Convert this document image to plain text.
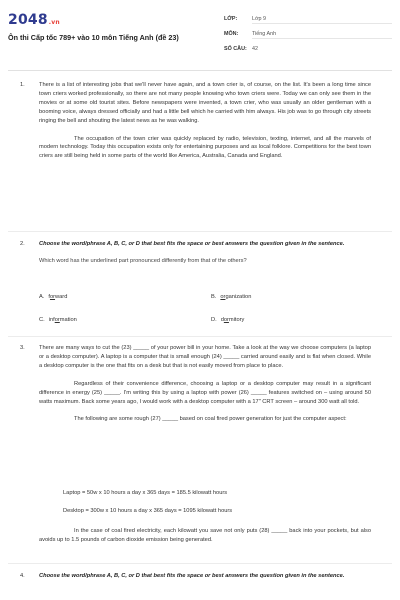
2048.vn
Ôn thi Cấp tốc 789+ vào 10 môn Tiếng Anh (đề 23)
LỚP:	Lớp 9
MÔN:	Tiếng Anh
SỐ CÂU: 42
1.	There is a list of interesting jobs that we'll never have again, and a town crier is, of course, on the list. It's been a long time since town criers worked professionally, so there are not many people knowing who town criers were. Today we can only see them in the movies or at some old tourist sites. Before newspapers were invented, a town crier, who was usually an older gentleman with a booming voice, always dressed officially and had a little bell which he carried with him always. His job was to go through city streets ringing the bell and shouting the latest news as he was walking.

The occupation of the town crier was quickly replaced by radio, television, texting, internet, and all the marvels of modern technology. Today this occupation exists only for entertaining purposes and as local folklore. Competitions for the best town criers are still being held in some parts of the world like America, Australia, Canada and England.

2.	Choose the word/phrase A, B, C, or D that best fits the space or best answers the question given in the sentence.

Which word has the underlined part pronounced differently from that of the others?

A. forward	B. organization
C. information	D. dormitory
3.	There are many ways to cut the (23) _____ of your power bill in your home. Take a look at the way we choose computers (a laptop or a desktop computer). A laptop is a computer that is small enough (24) _____ carried around easily and is flat when closed. While a desktop computer is the one that fits on a desk but that is not easily moved from place to place.

Regardless of their convenience difference, choosing a laptop or a desktop computer may result in a significant difference in energy (25) _____. I'm writing this by using a laptop with power (26) _____ features switched on – using around 50 watts maximum. Back some years ago, I would work with a desktop computer with a 17" CRT screen – around 300 watt all told.

The following are some rough (27) _____ based on coal fired power generation for just the computer aspect:

Laptop = 50w x 10 hours a day x 365 days = 185.5 kilowatt hours
Desktop = 300w x 10 hours a day x 365 days = 1095 kilowatt hours

In the case of coal fired electricity, each kilowatt you save not only puts (28) _____ back into your pockets, but also avoids up to 1.5 pounds of carbon dioxide emission being generated.

4.	Choose the word/phrase A, B, C, or D that best fits the space or best answers the question given in the sentence.
